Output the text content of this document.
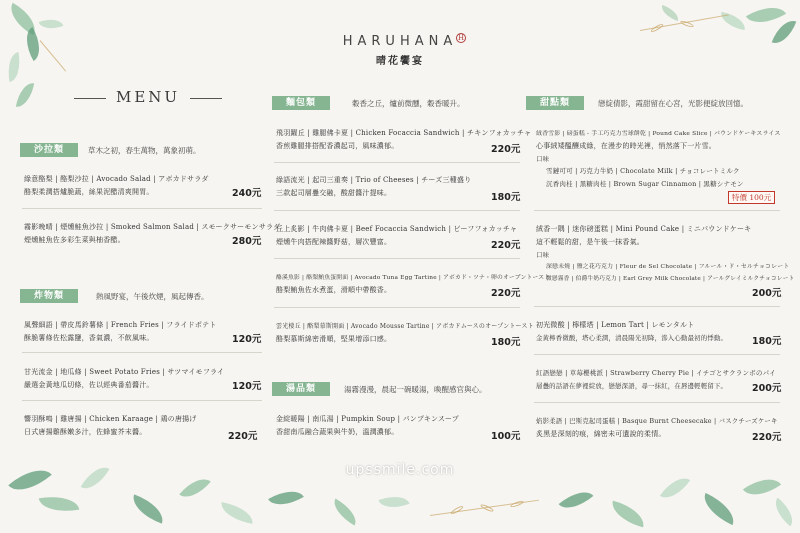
HARUHANA H
晴花饗宴
MENU
沙拉類	草木之初，春生萬物，萬象初萌。
綠意酪梨 | 酪梨沙拉 | Avocado Salad | アボカドサラダ
酪梨柔潤搭爐脆蔬，絲果泥醋清爽開胃。	240元
霧影晚晴 | 煙燻鮭魚沙拉 | Smoked Salmon Salad | スモークサーモンサラダ
煙燻鮭魚佐多彩生菜與柚香醋。	280元
炸物類	熱風野宴，午後炊煙，風起傳香。
風聲細語 | 帶皮馬鈴薯條 | French Fries | フライドポテト
酥脆薯條佐松露鹽，香氣濃，不飲風味。	120元
甘光流金 | 地瓜條 | Sweet Potato Fries | サツマイモフライ
嚴選金黃地瓜切條，佐以經典番茄醬汁。	120元
響羽酥鳴 | 雞唐揚 | Chicken Karaage | 鶏の唐揚げ
日式唐揚雞酥嫩多汁，佐蜂蜜芥末醬。	220元
麵包類	穀香之丘，爐前微醺，穀香暖升。
飛羽躍丘 | 雞腿佛卡夏 | Chicken Focaccia Sandwich | チキンフォカッチャ
香煎雞腿排搭配香濃起司，風味濃郁。	220元
綠語流光 | 起司三重奏 | Trio of Cheeses | チーズ三種盛り
三款起司層疊交融，酸甜醬汁提味。	180元
丘上炙影 | 牛肉佛卡夏 | Beef Focaccia Sandwich | ビーフフォカッチャ
煙燻牛肉搭配辣醬野菇，層次豐富。	220元
酪溪魚影 | 酪梨鮪魚蛋開面 | Avocado Tuna Egg Tartine | アボカド・ツナ・卵のオープントースト
酪梨鮪魚佐水煮蛋，滑順中帶酸香。	220元
雲光棲丘 | 酪梨慕斯開面 | Avocado Mousse Tartine | アボカドムースのオープントースト
酪梨慕斯綿密滑順，堅果增添口感。	180元
湯品類	湯霧漫漫，晨起一碗暖湯，喚醒感官與心。
金綻暖陽 | 南瓜湯 | Pumpkin Soup | パンプキンスープ
香甜南瓜融合蔬果與牛奶，溫潤濃郁。	100元
甜點類	戀綻倩影，霞甜留在心宮，光影便綻放回憶。
絨香雪影 | 磅蛋糕 - 手工巧克力雪球餅乾 | Pound Cake Slice | パウンドケーキスライス
心事絨矮醞釀成綠，在漫步的時光裡，悄然落下一片雪。
口味
雪鏈可可 | 巧克力牛奶 | Chocolate Milk | チョコレートミルク
沉香肉桂 | 黑糖肉桂 | Brown Sugar Cinnamon | 黒糖シナモン
特價 100元
絨香一隅 | 迷你磅蛋糕 | Mini Pound Cake | ミニパウンドケーキ
這不輕鬆的甜，是午後一抹香氣。
口味
深戀未燒 | 鹽之花巧克力 | Fleur de Sel Chocolate | フルール・ド・セルチョコレート
微戀霧香 | 伯爵牛奶巧克力 | Earl Grey Milk Chocolate | アールグレイミルクチョコレート
200元
初光微酸 | 檸檬塔 | Lemon Tart | レモンタルト
金黃檸香微酸，塔心柔潤，清晨陽光初降，滲入心動最初的悸動。	180元
紅語戀戀 | 草莓櫻桃派 | Strawberry Cherry Pie | イチゴとサクランボのパイ
層疊的話語在夢裡綻放，戀戀深語，尋一抹紅，在唇邊輕輕留下。	200元
焰影柔語 | 巴斯克起司蛋糕 | Basque Burnt Cheesecake | バスクチーズケーキ
炙黑是深刻的痕，綿密未可遺說的柔情。	220元
upssmile.com
